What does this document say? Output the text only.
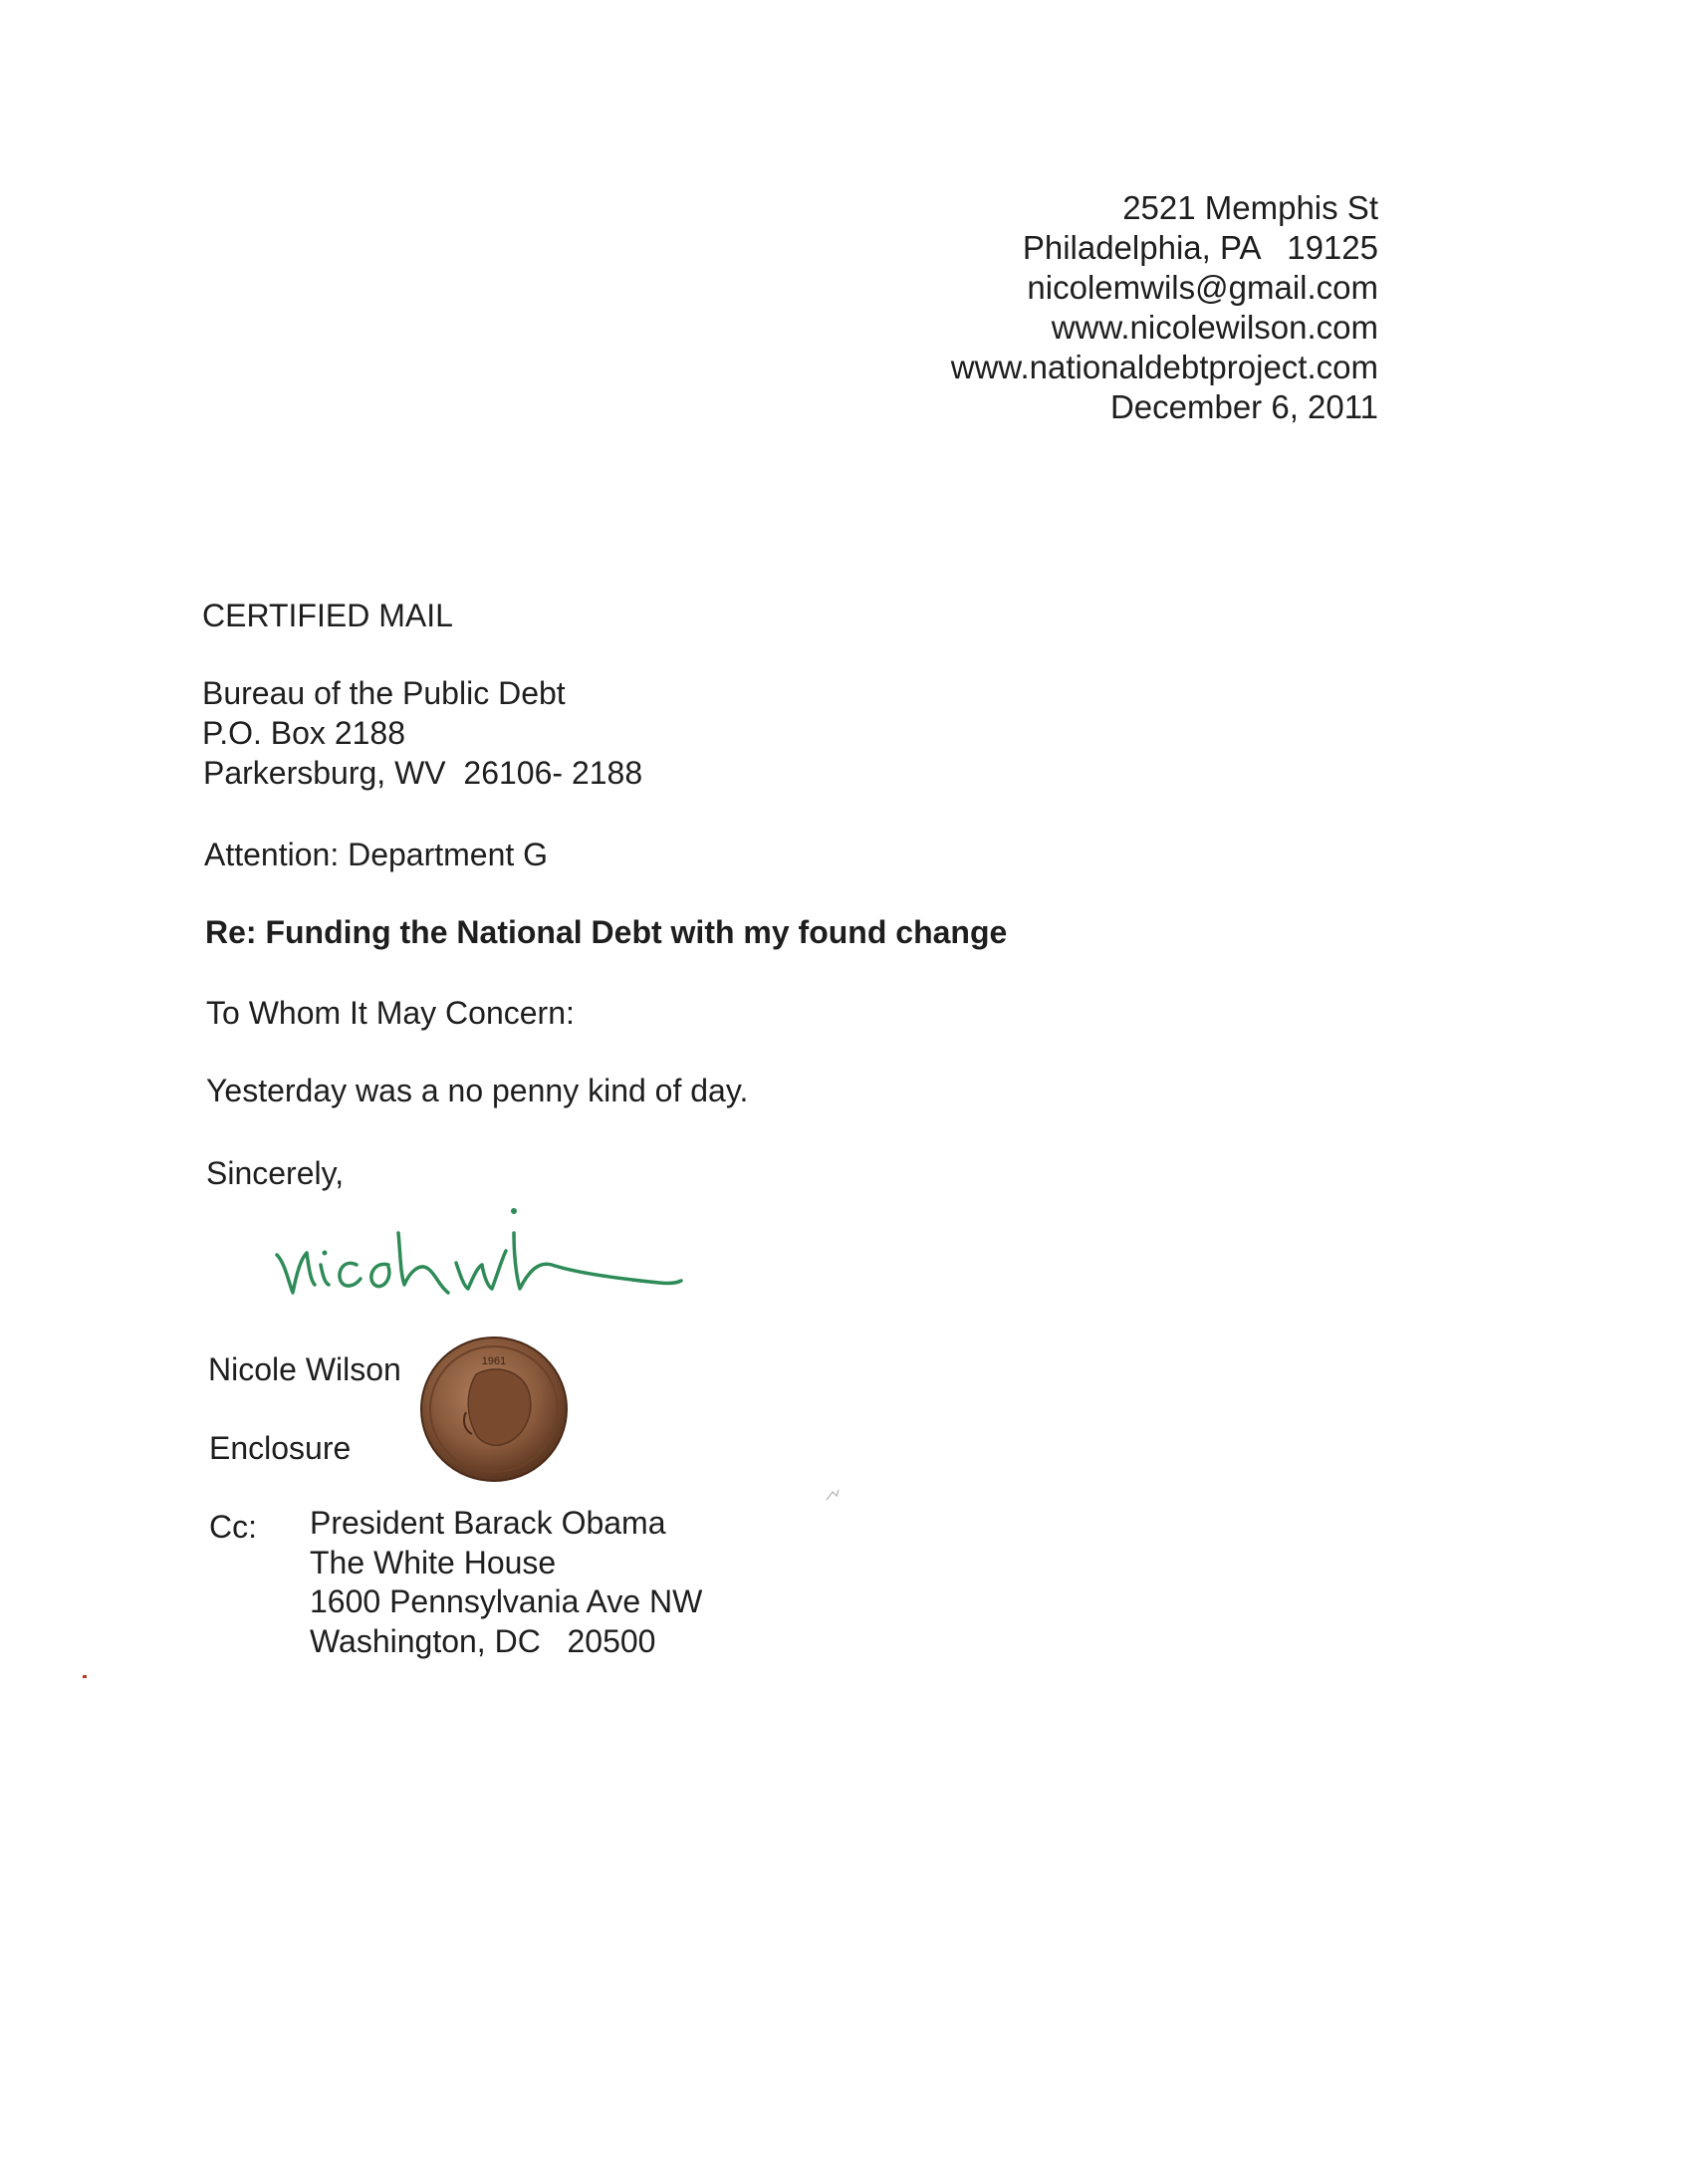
2521 Memphis St
Philadelphia, PA   19125
nicolemwils@gmail.com
www.nicolewilson.com
www.nationaldebtproject.com
December 6, 2011
CERTIFIED MAIL
Bureau of the Public Debt
P.O. Box 2188
Parkersburg, WV  26106- 2188
Attention: Department G
Re: Funding the National Debt with my found change
To Whom It May Concern:
Yesterday was a no penny kind of day.
Sincerely,
Nicole Wilson	1961
Enclosure
Cc: President Barack Obama
The White House
1600 Pennsylvania Ave NW
Washington, DC   20500
